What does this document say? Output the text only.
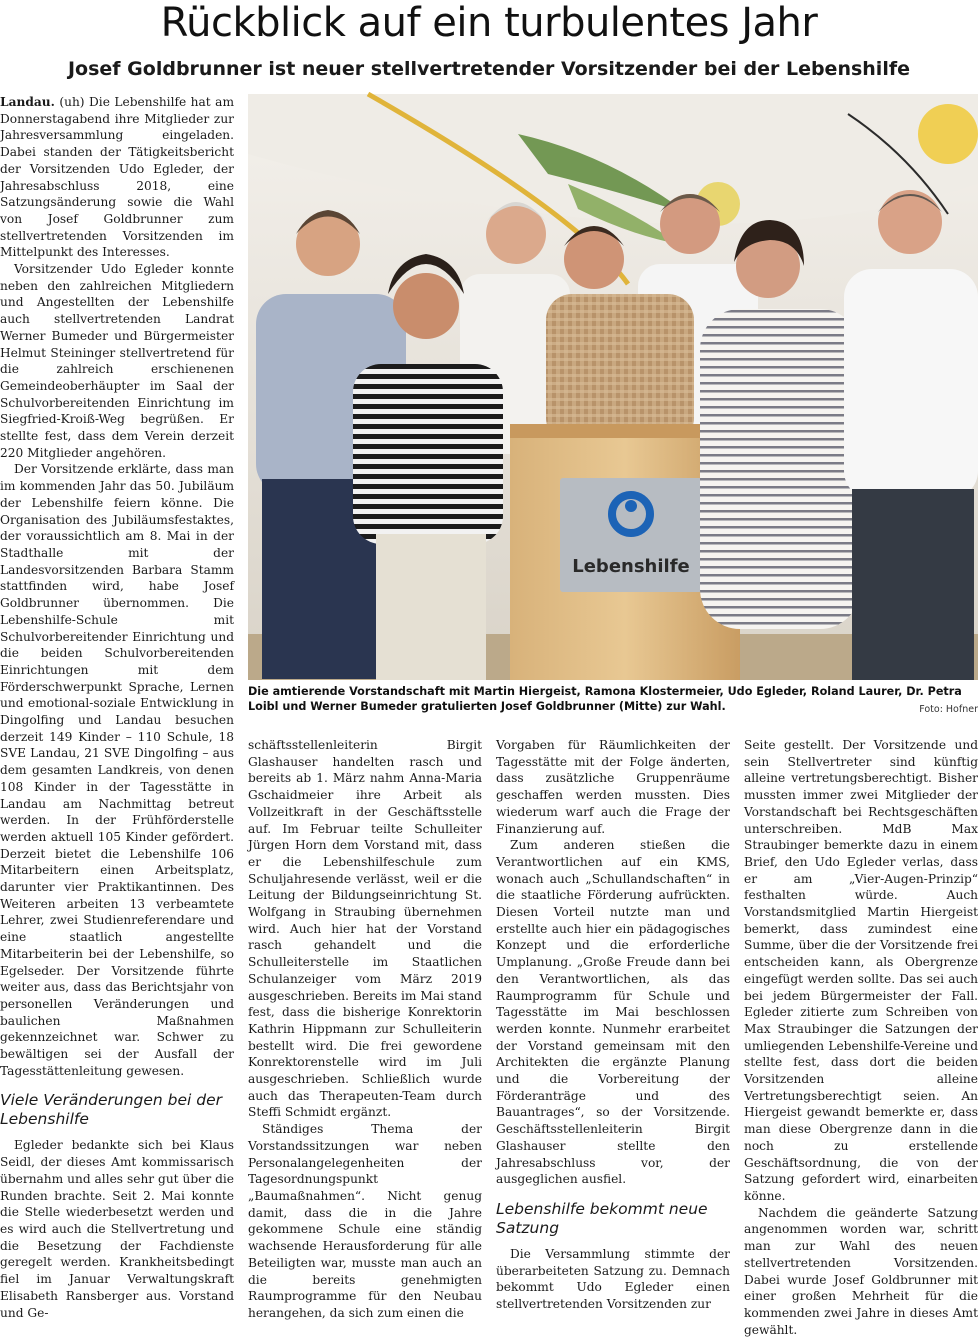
Rückblick auf ein turbulentes Jahr
Josef Goldbrunner ist neuer stellvertretender Vorsitzender bei der Lebenshilfe

Landau. (uh) Die Lebenshilfe hat am Donnerstagabend ihre Mitglieder zur Jahresversammlung eingeladen. Dabei standen der Tätigkeitsbericht der Vorsitzenden Udo Egleder, der Jahresabschluss 2018, eine Satzungsänderung sowie die Wahl von Josef Goldbrunner zum stellvertretenden Vorsitzenden im Mittelpunkt des Interesses.

Vorsitzender Udo Egleder konnte neben den zahlreichen Mitgliedern und Angestellten der Lebenshilfe auch stellvertretenden Landrat Werner Bumeder und Bürgermeister Helmut Steininger stellvertretend für die zahlreich erschienenen Gemeindeoberhäupter im Saal der Schulvorbereitenden Einrichtung im Siegfried-Kroiß-Weg begrüßen. Er stellte fest, dass dem Verein derzeit 220 Mitglieder angehören.

Der Vorsitzende erklärte, dass man im kommenden Jahr das 50. Jubiläum der Lebenshilfe feiern könne. Die Organisation des Jubiläumsfestaktes, der voraussichtlich am 8. Mai in der Stadthalle mit der Landesvorsitzenden Barbara Stamm stattfinden wird, habe Josef Goldbrunner übernommen. Die Lebenshilfe-Schule mit Schulvorbereitender Einrichtung und die beiden Schulvorbereitenden Einrichtungen mit dem Förderschwerpunkt Sprache, Lernen und emotional-soziale Entwicklung in Dingolfing und Landau besuchen derzeit 149 Kinder – 110 Schule, 18 SVE Landau, 21 SVE Dingolfing – aus dem gesamten Landkreis, von denen 108 Kinder in der Tagesstätte in Landau am Nachmittag betreut werden. In der Frühförderstelle werden aktuell 105 Kinder gefördert. Derzeit bietet die Lebenshilfe 106 Mitarbeitern einen Arbeitsplatz, darunter vier Praktikantinnen. Des Weiteren arbeiten 13 verbeamtete Lehrer, zwei Studienreferendare und eine staatlich angestellte Mitarbeiterin bei der Lebenshilfe, so Egelseder. Der Vorsitzende führte weiter aus, dass das Berichtsjahr von personellen Veränderungen und baulichen Maßnahmen gekennzeichnet war. Schwer zu bewältigen sei der Ausfall der Tagesstättenleitung gewesen.

Viele Veränderungen bei der Lebenshilfe

Egleder bedankte sich bei Klaus Seidl, der dieses Amt kommissarisch übernahm und alles sehr gut über die Runden brachte. Seit 2. Mai konnte die Stelle wiederbesetzt werden und es wird auch die Stellvertretung und die Besetzung der Fachdienste geregelt werden. Krankheitsbedingt fiel im Januar Verwaltungskraft Elisabeth Ransberger aus. Vorstand und Ge-

Lebenshilfe
Die amtierende Vorstandschaft mit Martin Hiergeist, Ramona Klostermeier, Udo Egleder, Roland Laurer, Dr. Petra Loibl und Werner Bumeder gratulierten Josef Goldbrunner (Mitte) zur Wahl.	Foto: Hofner

schäftsstellenleiterin Birgit Glashauser handelten rasch und bereits ab 1. März nahm Anna-Maria Gschaidmeier ihre Arbeit als Vollzeitkraft in der Geschäftsstelle auf. Im Februar teilte Schulleiter Jürgen Horn dem Vorstand mit, dass er die Lebenshilfeschule zum Schuljahresende verlässt, weil er die Leitung der Bildungseinrichtung St. Wolfgang in Straubing übernehmen wird. Auch hier hat der Vorstand rasch gehandelt und die Schulleiterstelle im Staatlichen Schulanzeiger vom März 2019 ausgeschrieben. Bereits im Mai stand fest, dass die bisherige Konrektorin Kathrin Hippmann zur Schulleiterin bestellt wird. Die frei gewordene Konrektorenstelle wird im Juli ausgeschrieben. Schließlich wurde auch das Therapeuten-Team durch Steffi Schmidt ergänzt.

Ständiges Thema der Vorstandssitzungen war neben Personalangelegenheiten der Tagesordnungspunkt „Baumaßnahmen“. Nicht genug damit, dass die in die Jahre gekommene Schule eine ständig wachsende Herausforderung für alle Beteiligten war, musste man auch an die bereits genehmigten Raumprogramme für den Neubau herangehen, da sich zum einen die

Vorgaben für Räumlichkeiten der Tagesstätte mit der Folge änderten, dass zusätzliche Gruppenräume geschaffen werden mussten. Dies wiederum warf auch die Frage der Finanzierung auf.

Zum anderen stießen die Verantwortlichen auf ein KMS, wonach auch „Schullandschaften“ in die staatliche Förderung aufrückten. Diesen Vorteil nutzte man und erstellte auch hier ein pädagogisches Konzept und die erforderliche Umplanung. „Große Freude dann bei den Verantwortlichen, als das Raumprogramm für Schule und Tagesstätte im Mai beschlossen werden konnte. Nunmehr erarbeitet der Vorstand gemeinsam mit den Architekten die ergänzte Planung und die Vorbereitung der Förderanträge und des Bauantrages“, so der Vorsitzende. Geschäftsstellenleiterin Birgit Glashauser stellte den Jahresabschluss vor, der ausgeglichen ausfiel.

Lebenshilfe bekommt neue Satzung

Die Versammlung stimmte der überarbeiteten Satzung zu. Demnach bekommt Udo Egleder einen stellvertretenden Vorsitzenden zur

Seite gestellt. Der Vorsitzende und sein Stellvertreter sind künftig alleine vertretungsberechtigt. Bisher mussten immer zwei Mitglieder der Vorstandschaft bei Rechtsgeschäften unterschreiben. MdB Max Straubinger bemerkte dazu in einem Brief, den Udo Egleder verlas, dass er am „Vier-Augen-Prinzip“ festhalten würde. Auch Vorstandsmitglied Martin Hiergeist bemerkt, dass zumindest eine Summe, über die der Vorsitzende frei entscheiden kann, als Obergrenze eingefügt werden sollte. Das sei auch bei jedem Bürgermeister der Fall. Egleder zitierte zum Schreiben von Max Straubinger die Satzungen der umliegenden Lebenshilfe-Vereine und stellte fest, dass dort die beiden Vorsitzenden alleine Vertretungsberechtigt seien. An Hiergeist gewandt bemerkte er, dass man diese Obergrenze dann in die noch zu erstellende Geschäftsordnung, die von der Satzung gefordert wird, einarbeiten könne.

Nachdem die geänderte Satzung angenommen worden war, schritt man zur Wahl des neuen stellvertretenden Vorsitzenden. Dabei wurde Josef Goldbrunner mit einer großen Mehrheit für die kommenden zwei Jahre in dieses Amt gewählt.
